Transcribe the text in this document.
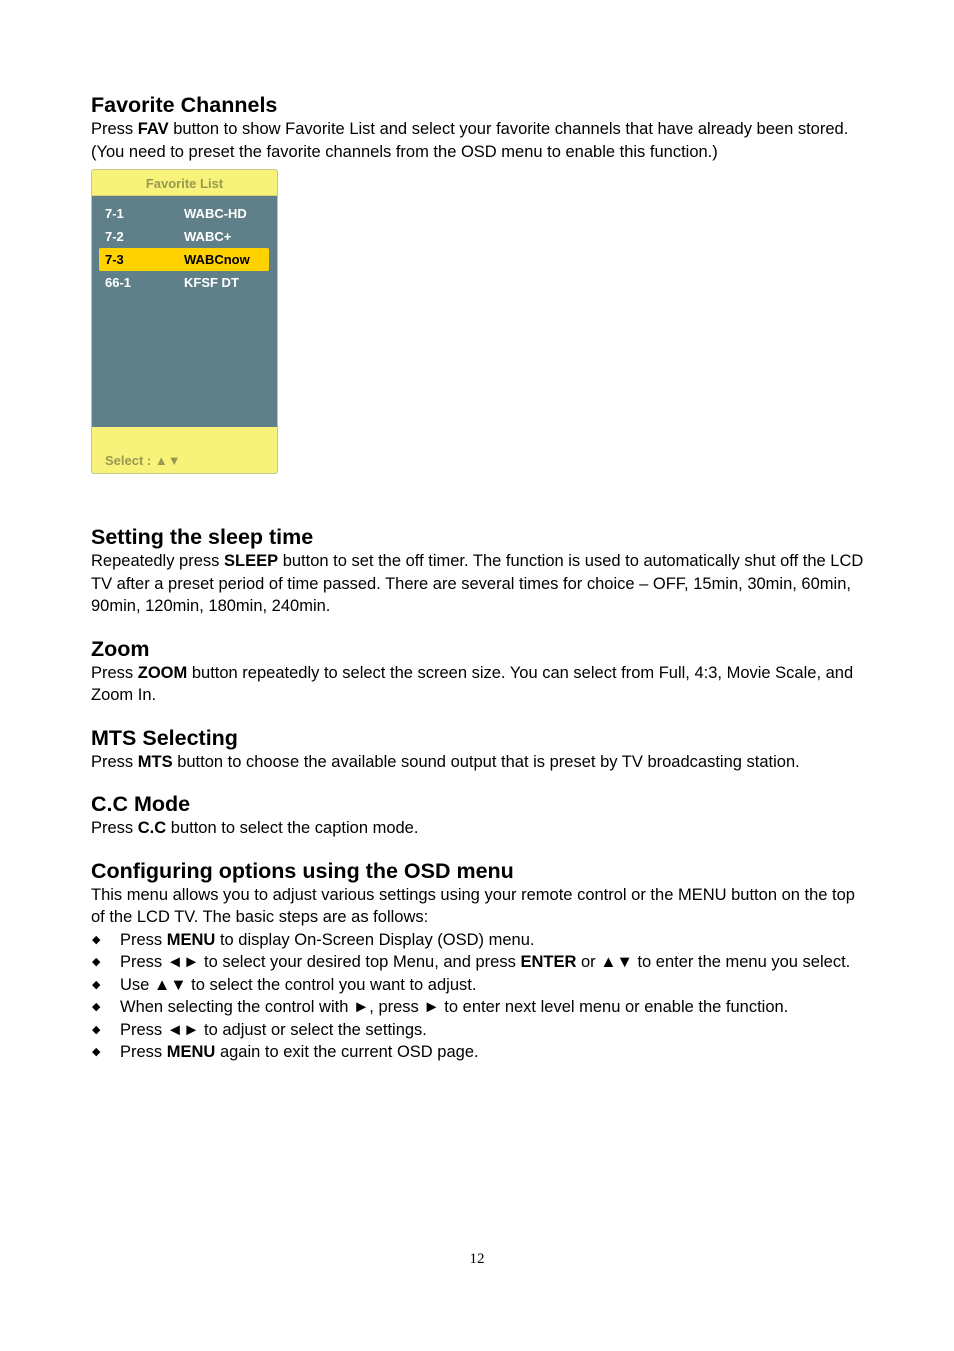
Favorite Channels

Press FAV button to show Favorite List and select your favorite channels that have already been stored. (You need to preset the favorite channels from the OSD menu to enable this function.)

Favorite List
7-1	WABC-HD
7-2	WABC+
7-3	WABCnow
66-1	KFSF DT
Select : ▲▼
Setting the sleep time

Repeatedly press SLEEP button to set the off timer. The function is used to automatically shut off the LCD TV after a preset period of time passed. There are several times for choice – OFF, 15min, 30min, 60min, 90min, 120min, 180min, 240min.

Zoom

Press ZOOM button repeatedly to select the screen size. You can select from Full, 4:3, Movie Scale, and Zoom In.

MTS Selecting

Press MTS button to choose the available sound output that is preset by TV broadcasting station.

C.C Mode

Press C.C button to select the caption mode.

Configuring options using the OSD menu

This menu allows you to adjust various settings using your remote control or the MENU button on the top of the LCD TV. The basic steps are as follows:

◆ Press MENU to display On-Screen Display (OSD) menu.
◆ Press ◄► to select your desired top Menu, and press ENTER or ▲▼ to enter the menu you select.
◆ Use ▲▼ to select the control you want to adjust.
◆ When selecting the control with ►, press ► to enter next level menu or enable the function.
◆ Press ◄► to adjust or select the settings.
◆ Press MENU again to exit the current OSD page.
12
